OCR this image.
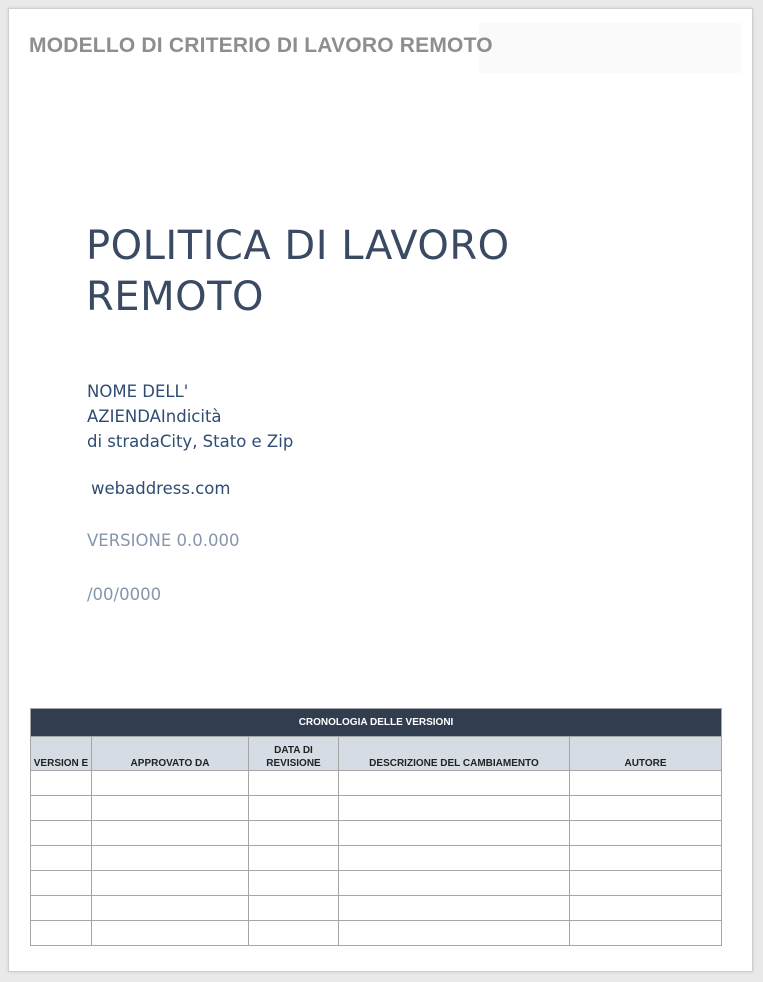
MODELLO DI CRITERIO DI LAVORO REMOTO
POLITICA DI LAVORO REMOTO
NOME DELL'
AZIENDAIndicità
di stradaCity, Stato e Zip
webaddress.com
VERSIONE 0.0.000
/00/0000
CRONOLOGIA DELLE VERSIONI				
VERSION E	APPROVATO DA	DATA DI REVISIONE	DESCRIZIONE DEL CAMBIAMENTO	AUTORE
